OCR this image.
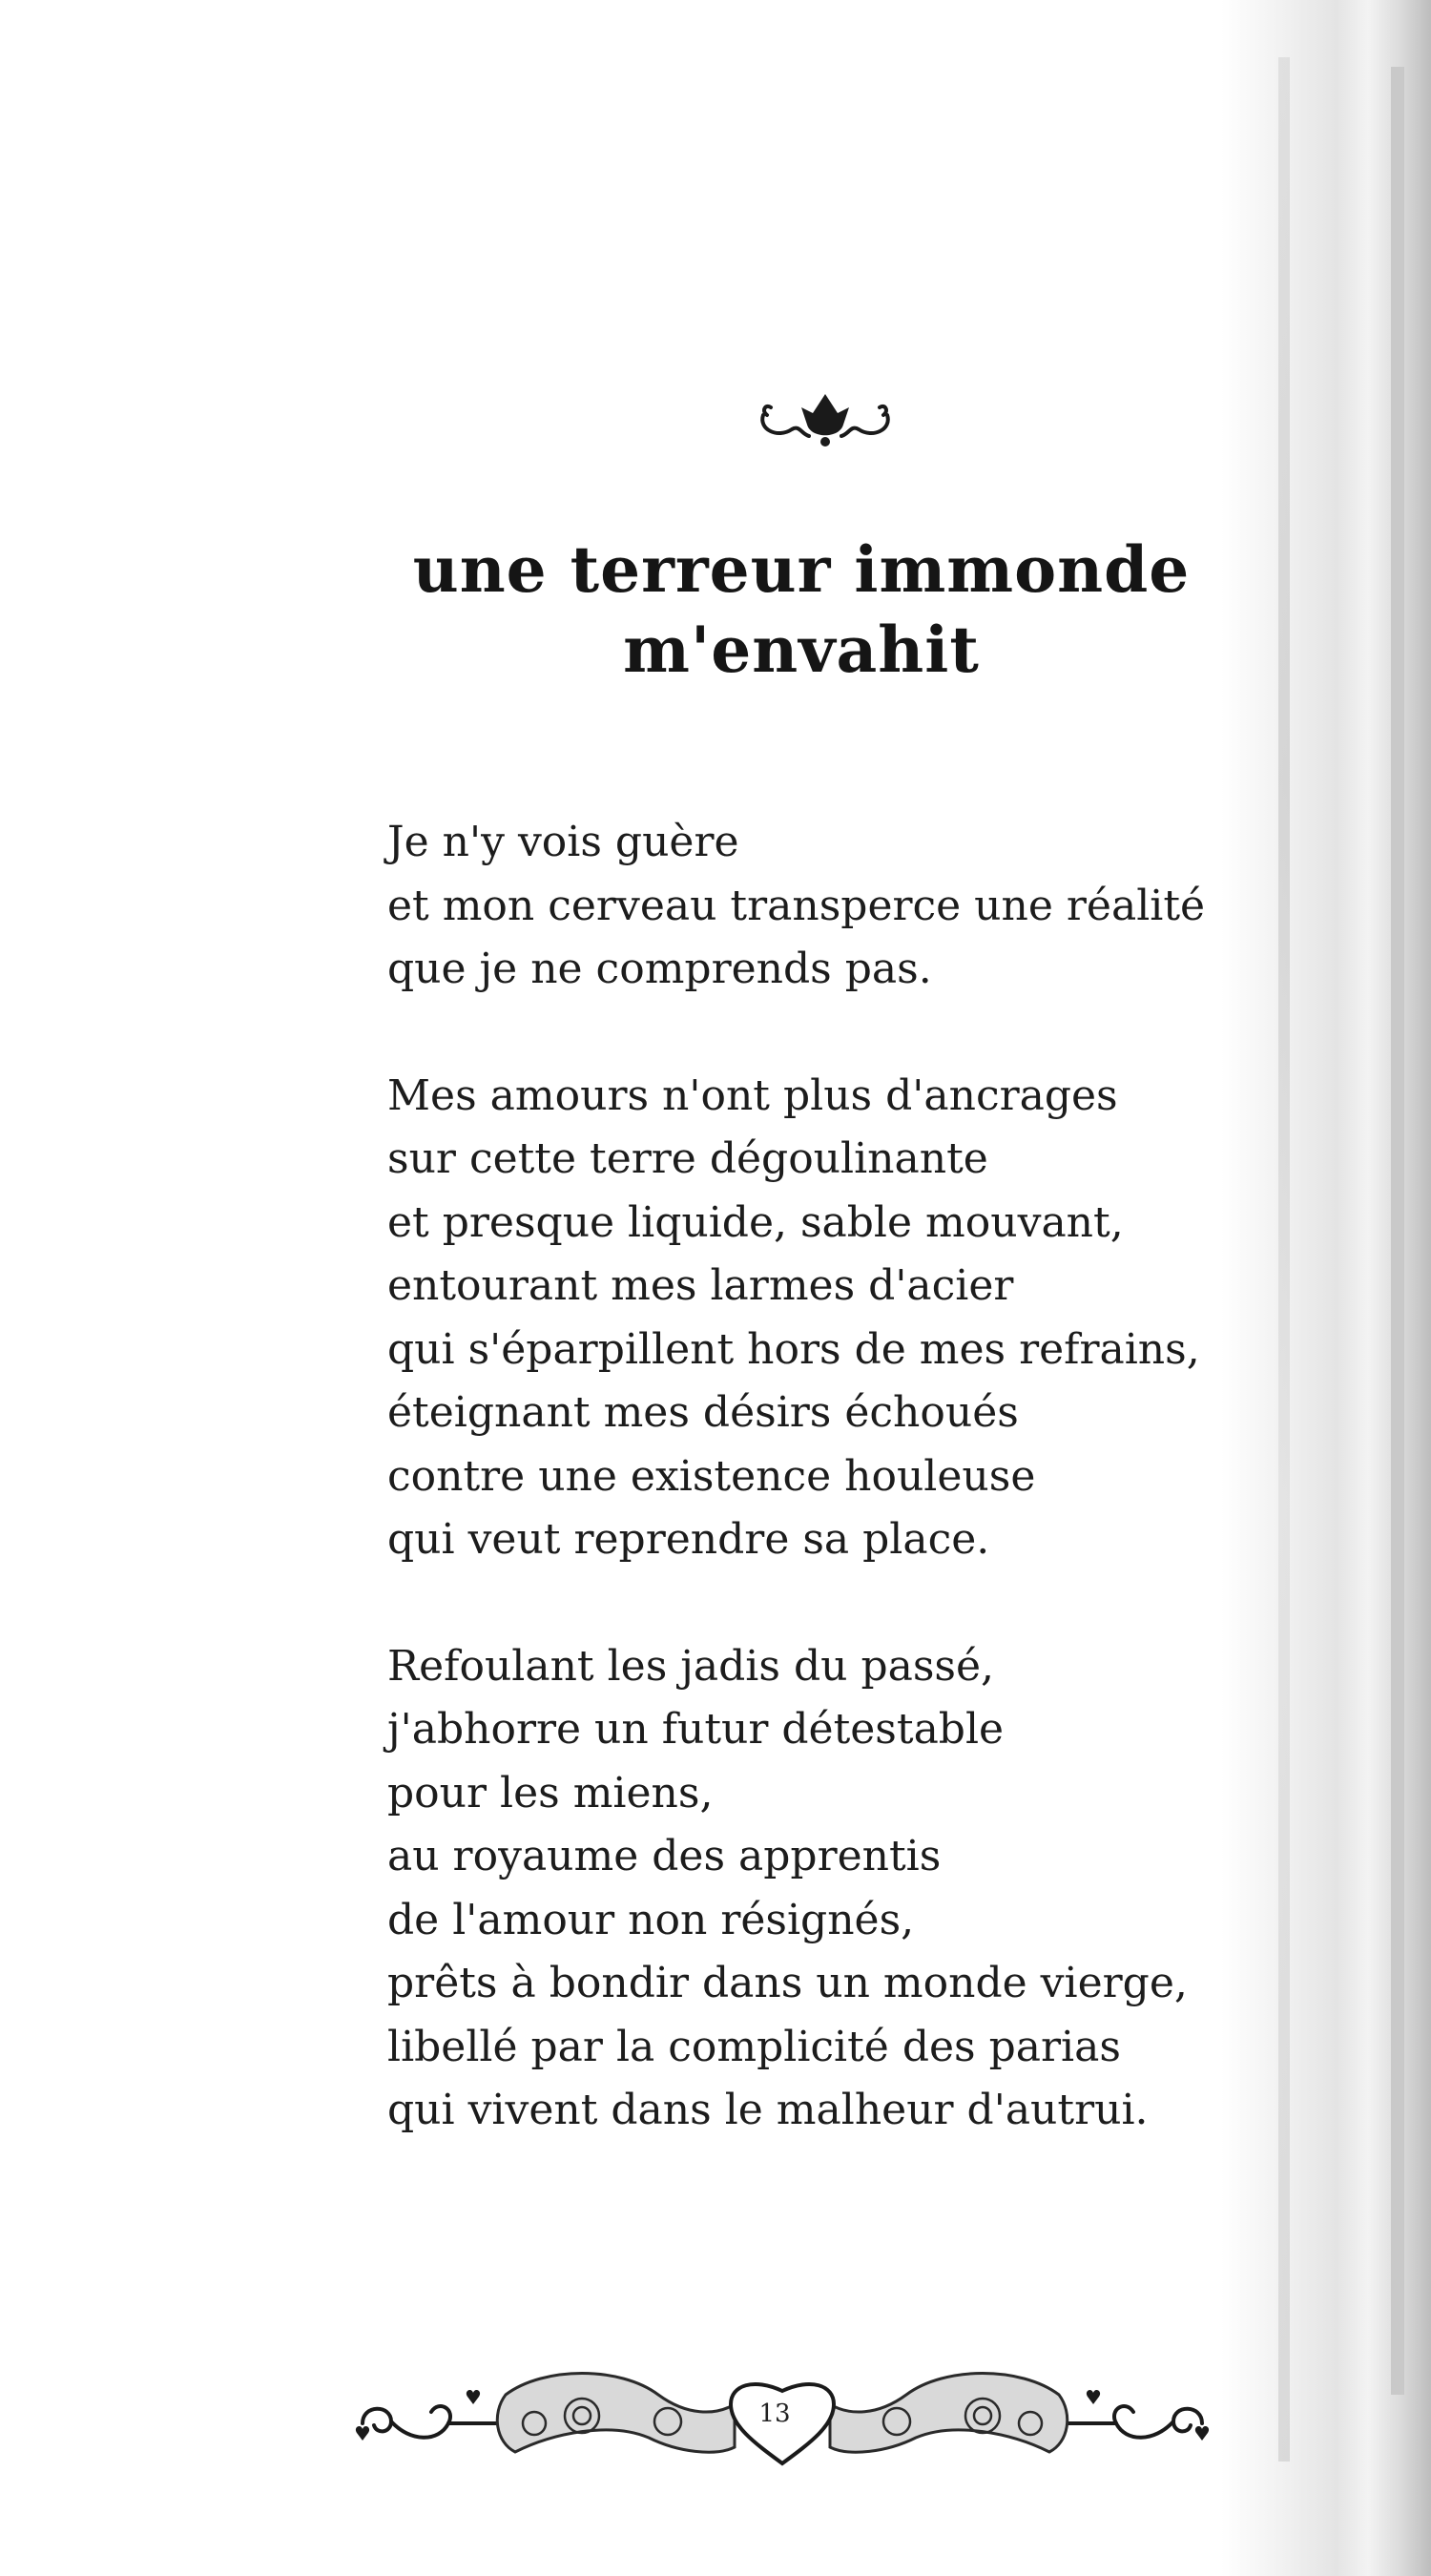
une terreur immonde
m'envahit
Je n'y vois guère
et mon cerveau transperce une réalité
que je ne comprends pas.
Mes amours n'ont plus d'ancrages
sur cette terre dégoulinante
et presque liquide, sable mouvant,
entourant mes larmes d'acier
qui s'éparpillent hors de mes refrains,
éteignant mes désirs échoués
contre une existence houleuse
qui veut reprendre sa place.
Refoulant les jadis du passé,
j'abhorre un futur détestable
pour les miens,
au royaume des apprentis
de l'amour non résignés,
prêts à bondir dans un monde vierge,
libellé par la complicité des parias
qui vivent dans le malheur d'autrui.
13
